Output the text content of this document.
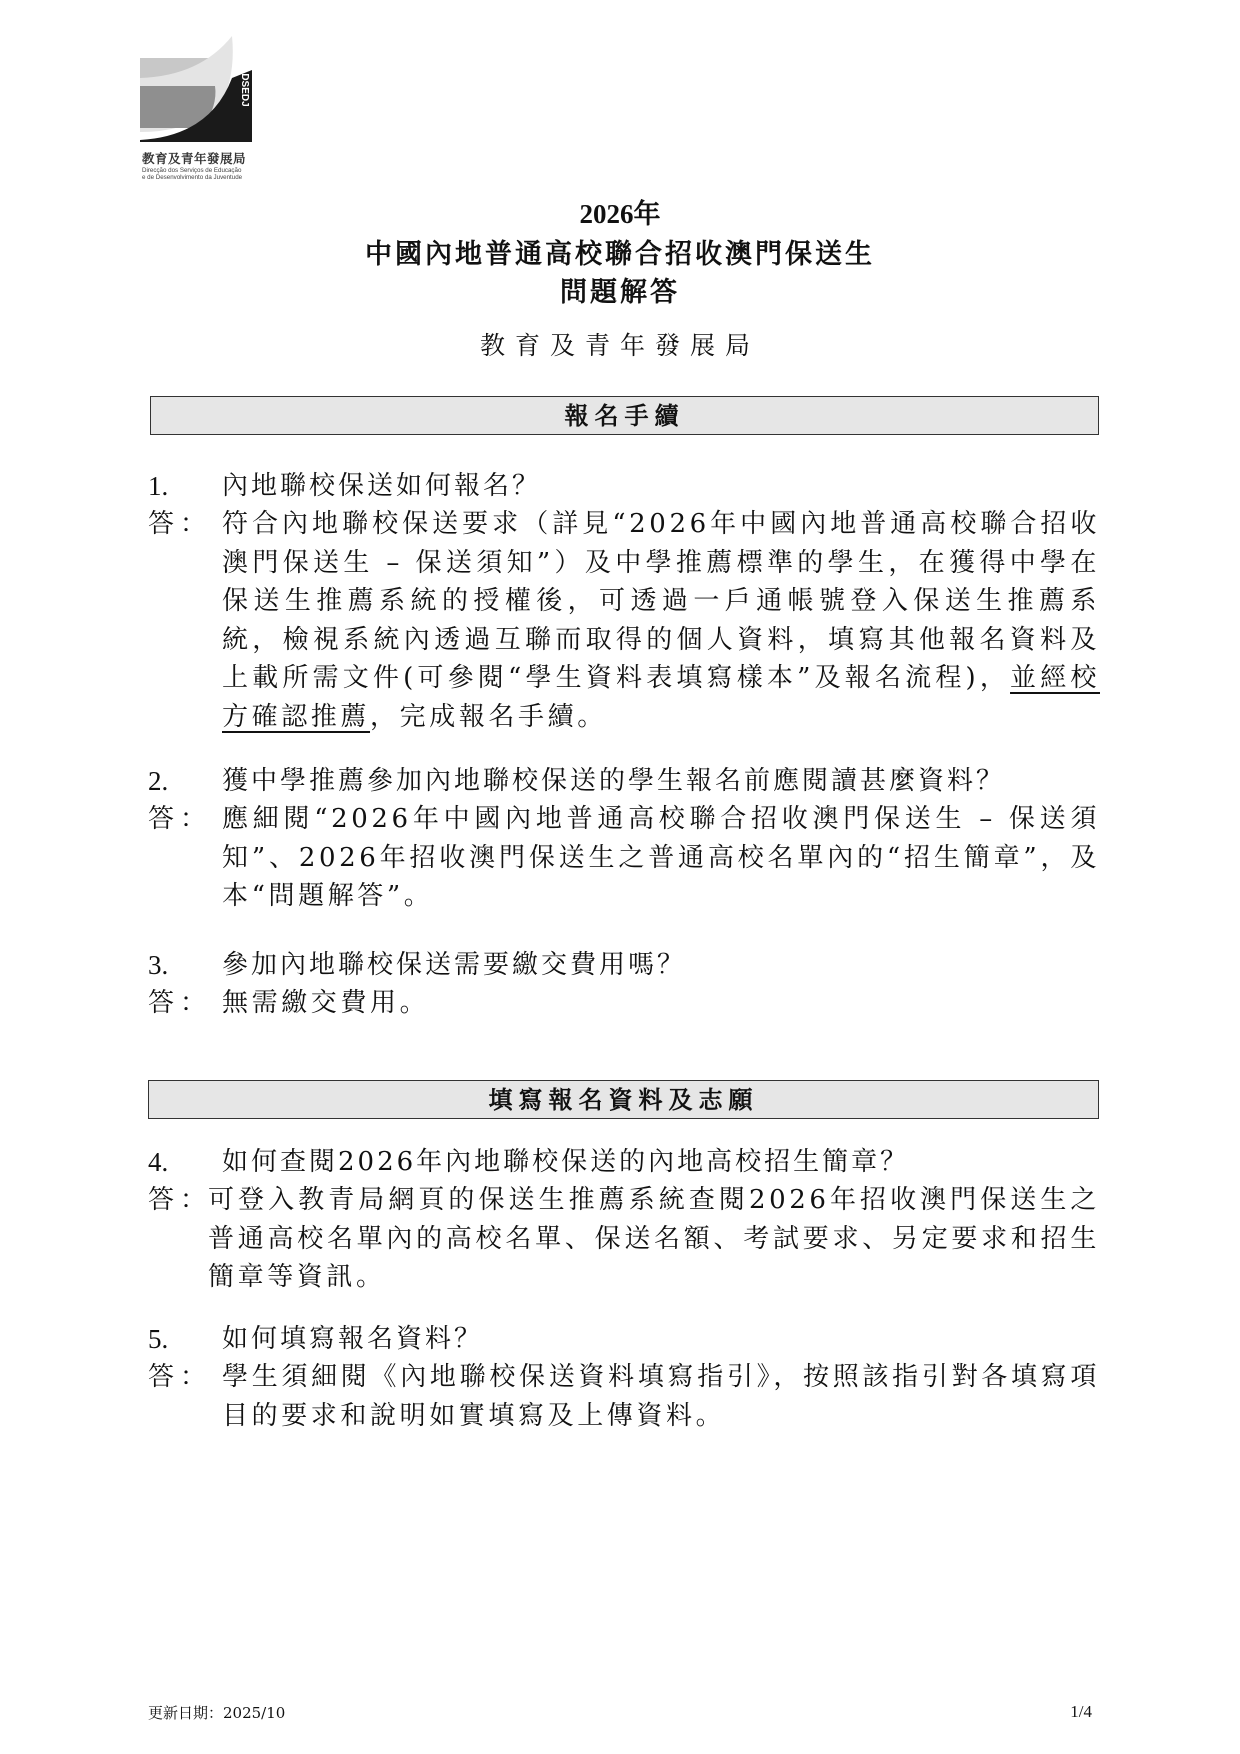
DSEDJ
教育及青年發展局
Direcção dos Serviços de Educação
e de Desenvolvimento da Juventude
2026年
中國內地普通高校聯合招收澳門保送生
問題解答
教育及青年發展局
報名手續
1.	內地聯校保送如何報名？
答： 符合內地聯校保送要求（詳見“2026年中國內地普通高校聯合招收澳門保送生 – 保送須知”）及中學推薦標準的學生，在獲得中學在保送生推薦系統的授權後，可透過一戶通帳號登入保送生推薦系統，檢視系統內透過互聯而取得的個人資料，填寫其他報名資料及上載所需文件(可參閱“學生資料表填寫樣本”及報名流程)，並經校方確認推薦，完成報名手續。
2.	獲中學推薦參加內地聯校保送的學生報名前應閱讀甚麼資料？
答： 應細閱“2026年中國內地普通高校聯合招收澳門保送生 – 保送須知”、2026年招收澳門保送生之普通高校名單內的“招生簡章”，及本“問題解答”。
3.	參加內地聯校保送需要繳交費用嗎？
答： 無需繳交費用。
填寫報名資料及志願
4.	如何查閱2026年內地聯校保送的內地高校招生簡章？
答：
可登入教青局網頁的保送生推薦系統查閱2026年招收澳門保送生之普通高校名單內的高校名單、保送名額、考試要求、另定要求和招生簡章等資訊。
5.	如何填寫報名資料？
答： 學生須細閱《內地聯校保送資料填寫指引》，按照該指引對各填寫項目的要求和說明如實填寫及上傳資料。
更新日期：2025/10	1/4
